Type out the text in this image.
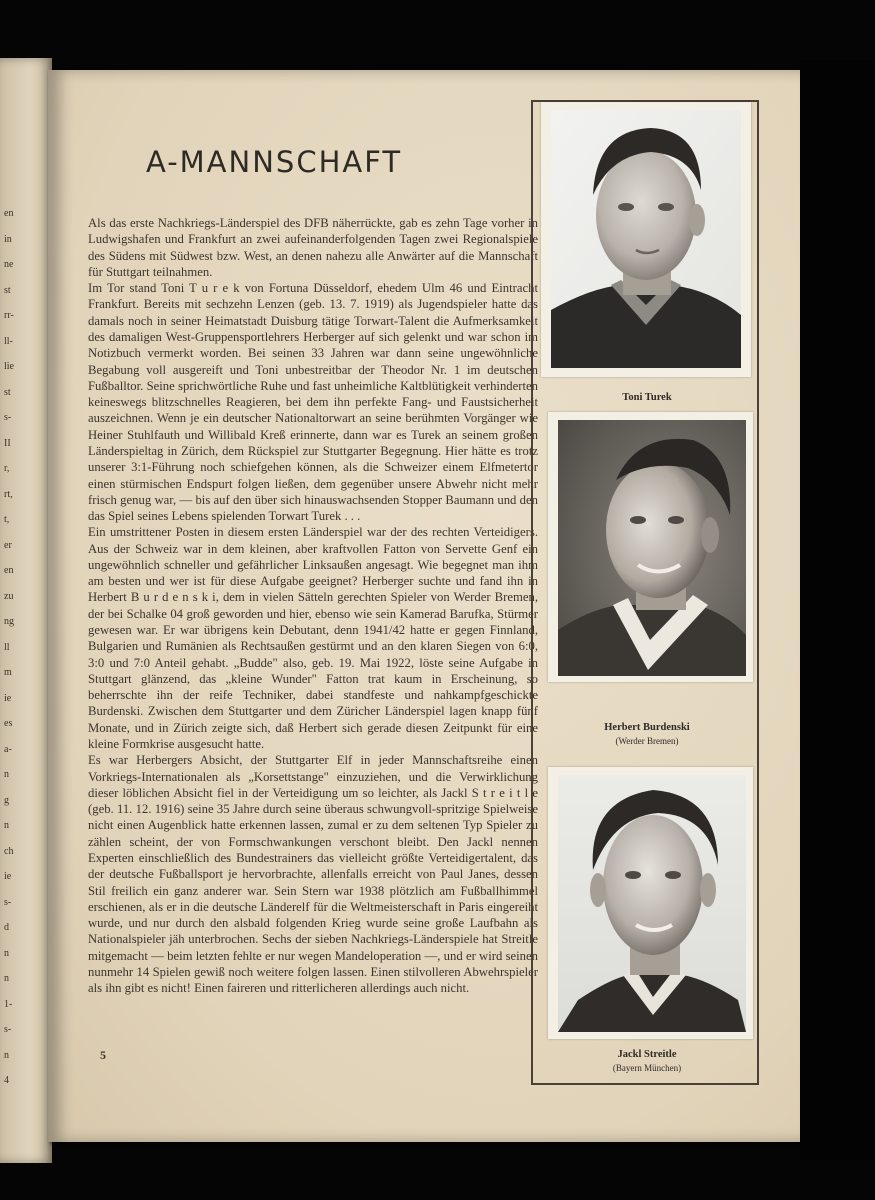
en
in
ne
st
rr-
ll-
lie
st
s-
II
r,
rt,
t,
er
en
zu
ng
ll
m
ie
es
a-
n
g
n
ch
ie
s-
d
n
n
1-
s-
n
4
A-MANNSCHAFT

Als das erste Nachkriegs-Länderspiel des DFB näherrückte, gab es zehn Tage vorher in Ludwigshafen und Frankfurt an zwei aufeinanderfolgenden Tagen zwei Regionalspiele des Südens mit Südwest bzw. West, an denen nahezu alle Anwärter auf die Mannschaft für Stuttgart teilnahmen.

Im Tor stand Toni T u r e k von Fortuna Düsseldorf, ehedem Ulm 46 und Eintracht Frankfurt. Bereits mit sechzehn Lenzen (geb. 13. 7. 1919) als Jugendspieler hatte das damals noch in seiner Heimatstadt Duisburg tätige Torwart-Talent die Aufmerksamkeit des damaligen West-Gruppensportlehrers Herberger auf sich gelenkt und war schon im Notizbuch vermerkt worden. Bei seinen 33 Jahren war dann seine ungewöhnliche Begabung voll ausgereift und Toni unbestreitbar der Theodor Nr. 1 im deutschen Fußballtor. Seine sprichwörtliche Ruhe und fast unheimliche Kaltblütigkeit verhinderten keineswegs blitzschnelles Reagieren, bei dem ihn perfekte Fang- und Faustsicherheit auszeichnen. Wenn je ein deutscher Nationaltorwart an seine berühmten Vorgänger wie Heiner Stuhlfauth und Willibald Kreß erinnerte, dann war es Turek an seinem großen Länderspieltag in Zürich, dem Rückspiel zur Stuttgarter Begegnung. Hier hätte es trotz unserer 3:1-Führung noch schiefgehen können, als die Schweizer einem Elfmetertor einen stürmischen Endspurt folgen ließen, dem gegenüber unsere Abwehr nicht mehr frisch genug war, — bis auf den über sich hinauswachsenden Stopper Baumann und den das Spiel seines Lebens spielenden Torwart Turek . . .

Ein umstrittener Posten in diesem ersten Länderspiel war der des rechten Verteidigers. Aus der Schweiz war in dem kleinen, aber kraftvollen Fatton von Servette Genf ein ungewöhnlich schneller und gefährlicher Linksaußen angesagt. Wie begegnet man ihm am besten und wer ist für diese Aufgabe geeignet? Herberger suchte und fand ihn in Herbert B u r d e n s k i, dem in vielen Sätteln gerechten Spieler von Werder Bremen, der bei Schalke 04 groß geworden und hier, ebenso wie sein Kamerad Barufka, Stürmer gewesen war. Er war übrigens kein Debutant, denn 1941/42 hatte er gegen Finnland, Bulgarien und Rumänien als Rechtsaußen gestürmt und an den klaren Siegen von 6:0, 3:0 und 7:0 Anteil gehabt. „Budde" also, geb. 19. Mai 1922, löste seine Aufgabe in Stuttgart glänzend, das „kleine Wunder" Fatton trat kaum in Erscheinung, so beherrschte ihn der reife Techniker, dabei standfeste und nahkampfgeschickte Burdenski. Zwischen dem Stuttgarter und dem Züricher Länderspiel lagen knapp fünf Monate, und in Zürich zeigte sich, daß Herbert sich gerade diesen Zeitpunkt für eine kleine Formkrise ausgesucht hatte.

Es war Herbergers Absicht, der Stuttgarter Elf in jeder Mannschaftsreihe einen Vorkriegs-Internationalen als „Korsettstange" einzuziehen, und die Verwirklichung dieser löblichen Absicht fiel in der Verteidigung um so leichter, als Jackl S t r e i t l e (geb. 11. 12. 1916) seine 35 Jahre durch seine überaus schwungvoll-spritzige Spielweise nicht einen Augenblick hatte erkennen lassen, zumal er zu dem seltenen Typ Spieler zu zählen scheint, der von Formschwankungen verschont bleibt. Den Jackl nennen Experten einschließlich des Bundestrainers das vielleicht größte Verteidigertalent, das der deutsche Fußballsport je hervorbrachte, allenfalls erreicht von Paul Janes, dessen Stil freilich ein ganz anderer war. Sein Stern war 1938 plötzlich am Fußballhimmel erschienen, als er in die deutsche Länderelf für die Weltmeisterschaft in Paris eingereiht wurde, und nur durch den alsbald folgenden Krieg wurde seine große Laufbahn als Nationalspieler jäh unterbrochen. Sechs der sieben Nachkriegs-Länderspiele hat Streitle mitgemacht — beim letzten fehlte er nur wegen Mandeloperation —, und er wird seinen nunmehr 14 Spielen gewiß noch weitere folgen lassen. Einen stilvolleren Abwehrspieler als ihn gibt es nicht! Einen faireren und ritterlicheren allerdings auch nicht.

5
Toni Turek
Herbert Burdenski
(Werder Bremen)
Jackl Streitle
(Bayern München)
